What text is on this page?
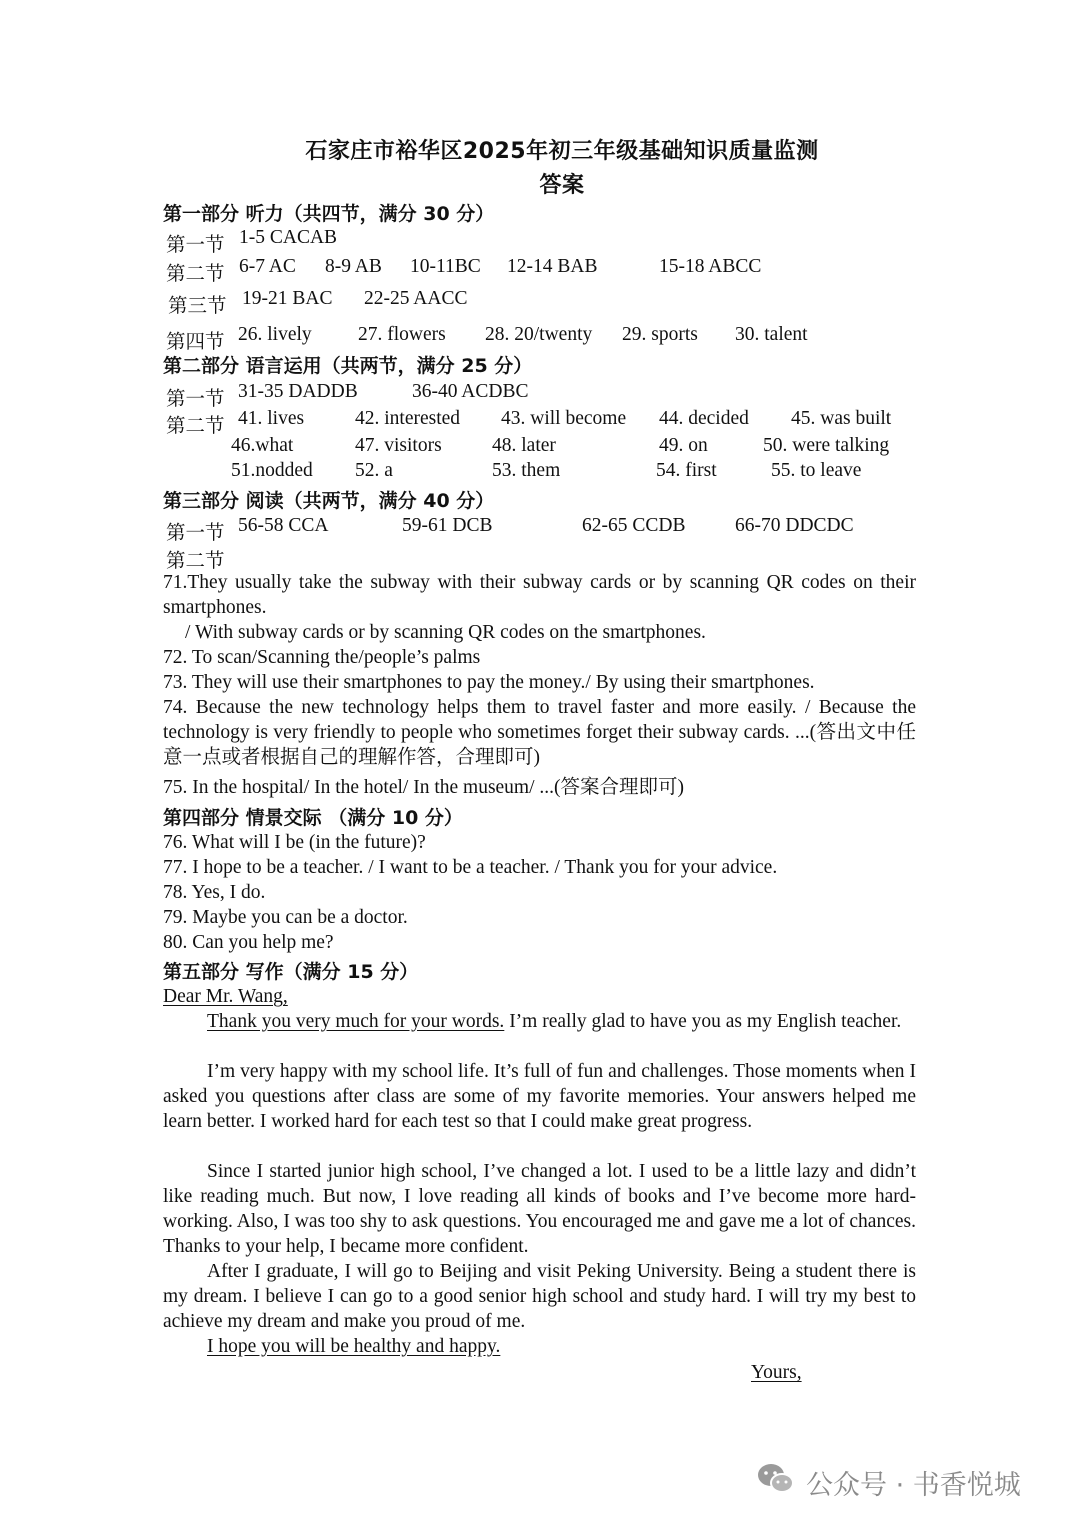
石家庄市裕华区2025年初三年级基础知识质量监测
答案
第一部分 听力（共四节，满分 30 分）
第一节 1-5 CACAB
第二节 6-7 AC 8-9 AB 10-11BC 12-14 BAB	15-18 ABCC
第三节 19-21 BAC 22-25 AACC
第四节 26. lively 27. flowers 28. 20/twenty 29. sports 30. talent
第二部分 语言运用（共两节，满分 25 分）
第一节 31-35 DADDB	36-40 ACDBC
第二节 41. lives	42. interested 43. will become 44. decided 45. was built
46.what	47. visitors	48. later	49. on	50. were talking
51.nodded 52. a	53. them	54. first	55. to leave
第三部分 阅读（共两节，满分 40 分）
第一节 56-58 CCA	59-61 DCB	62-65 CCDB	66-70 DDCDC
第二节

71.They usually take the subway with their subway cards or by scanning QR codes on their smartphones.

/ With subway cards or by scanning QR codes on the smartphones.
72. To scan/Scanning the/people’s palms
73. They will use their smartphones to pay the money./ By using their smartphones.

74. Because the new technology helps them to travel faster and more easily. / Because the technology is very friendly to people who sometimes forget their subway cards. ...(答出文中任意一点或者根据自己的理解作答，合理即可)

75. In the hospital/ In the hotel/ In the museum/ ...(答案合理即可)
第四部分 情景交际 （满分 10 分）
76. What will I be (in the future)?
77. I hope to be a teacher. / I want to be a teacher. / Thank you for your advice.
78. Yes, I do.
79. Maybe you can be a doctor.
80. Can you help me?
第五部分 写作（满分 15 分）
Dear Mr. Wang,

Thank you very much for your words. I’m really glad to have you as my English teacher.

I’m very happy with my school life. It’s full of fun and challenges. Those moments when I asked you questions after class are some of my favorite memories. Your answers helped me learn better. I worked hard for each test so that I could make great progress.

Since I started junior high school, I’ve changed a lot. I used to be a little lazy and didn’t like reading much. But now, I love reading all kinds of books and I’ve become more hard-working. Also, I was too shy to ask questions. You encouraged me and gave me a lot of chances. Thanks to your help, I became more confident.

After I graduate, I will go to Beijing and visit Peking University. Being a student there is my dream. I believe I can go to a good senior high school and study hard. I will try my best to achieve my dream and make you proud of me.

I hope you will be healthy and happy.
Yours,
公众号 · 书香悦城
